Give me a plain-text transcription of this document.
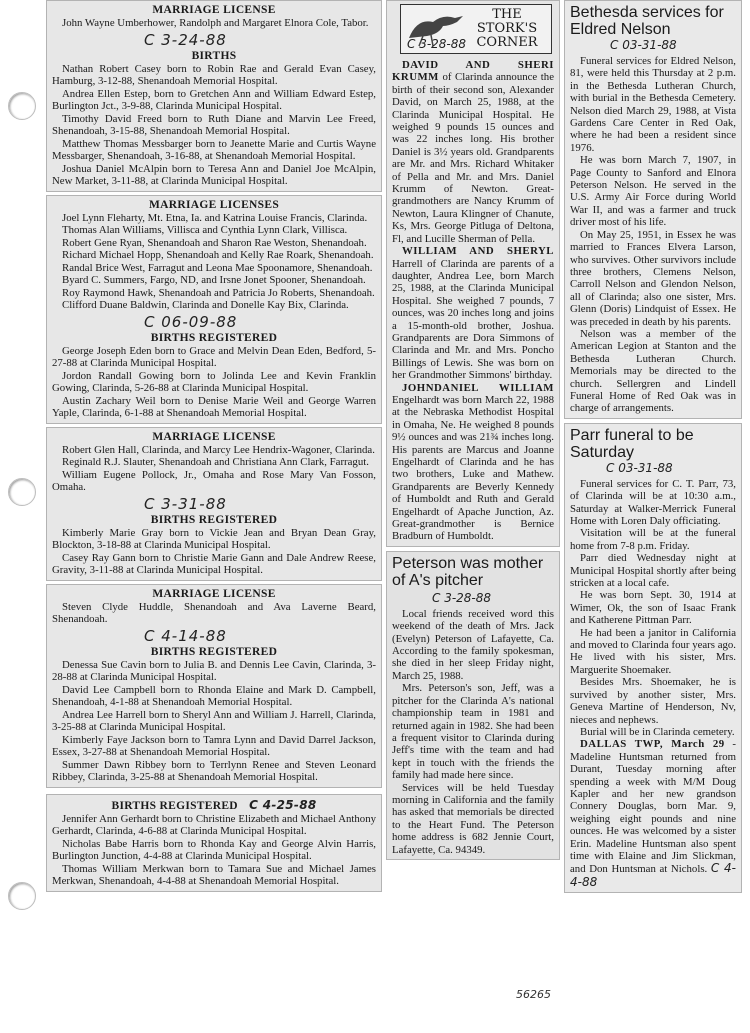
MARRIAGE LICENSE

John Wayne Umberhower, Randolph and Margaret Elnora Cole, Tabor.

C 3-24-88
BIRTHS

Nathan Robert Casey born to Robin Rae and Gerald Evan Casey, Hamburg, 3-12-88, Shenandoah Memorial Hospital.

Andrea Ellen Estep, born to Gretchen Ann and William Edward Estep, Burlington Jct., 3-9-88, Clarinda Municipal Hospital.

Timothy David Freed born to Ruth Diane and Marvin Lee Freed, Shenandoah, 3-15-88, Shenandoah Memorial Hospital.

Matthew Thomas Messbarger born to Jeanette Marie and Curtis Wayne Messbarger, Shenandoah, 3-16-88, at Shenandoah Memorial Hospital.

Joshua Daniel McAlpin born to Teresa Ann and Daniel Joe McAlpin, New Market, 3-11-88, at Clarinda Municipal Hospital.

MARRIAGE LICENSES

Joel Lynn Fleharty, Mt. Etna, Ia. and Katrina Louise Francis, Clarinda.

Thomas Alan Williams, Villisca and Cynthia Lynn Clark, Villisca.

Robert Gene Ryan, Shenandoah and Sharon Rae Weston, Shenandoah.

Richard Michael Hopp, Shenandoah and Kelly Rae Roark, Shenandoah.

Randal Brice West, Farragut and Leona Mae Spoonamore, Shenandoah.

Byard C. Summers, Fargo, ND, and Irsne Jonet Spooner, Shenandoah.

Roy Raymond Hawk, Shenandoah and Patricia Jo Roberts, Shenandoah.

Clifford Duane Baldwin, Clarinda and Donelle Kay Bix, Clarinda.

C 06-09-88
BIRTHS REGISTERED

George Joseph Eden born to Grace and Melvin Dean Eden, Bedford, 5-27-88 at Clarinda Municipal Hospital.

Jordon Randall Gowing born to Jolinda Lee and Kevin Franklin Gowing, Clarinda, 5-26-88 at Clarinda Municipal Hospital.

Austin Zachary Weil born to Denise Marie Weil and George Warren Yaple, Clarinda, 6-1-88 at Shenandoah Memorial Hospital.

MARRIAGE LICENSE

Robert Glen Hall, Clarinda, and Marcy Lee Hendrix-Wagoner, Clarinda.

Reginald R.J. Slauter, Shenandoah and Christiana Ann Clark, Farragut.

William Eugene Pollock, Jr., Omaha and Rose Mary Van Fosson, Omaha.

C 3-31-88
BIRTHS REGISTERED

Kimberly Marie Gray born to Vickie Jean and Bryan Dean Gray, Blockton, 3-18-88 at Clarinda Municipal Hospital.

Casey Ray Gann born to Christie Marie Gann and Dale Andrew Reese, Gravity, 3-11-88 at Clarinda Municipal Hospital.

MARRIAGE LICENSE

Steven Clyde Huddle, Shenandoah and Ava Laverne Beard, Shenandoah.

C 4-14-88
BIRTHS REGISTERED

Denessa Sue Cavin born to Julia B. and Dennis Lee Cavin, Clarinda, 3-28-88 at Clarinda Municipal Hospital.

David Lee Campbell born to Rhonda Elaine and Mark D. Campbell, Shenandoah, 4-1-88 at Shenandoah Memorial Hospital.

Andrea Lee Harrell born to Sheryl Ann and William J. Harrell, Clarinda, 3-25-88 at Clarinda Municipal Hospital.

Kimberly Faye Jackson born to Tamra Lynn and David Darrel Jackson, Essex, 3-27-88 at Shenandoah Memorial Hospital.

Summer Dawn Ribbey born to Terrlynn Renee and Steven Leonard Ribbey, Clarinda, 3-25-88 at Shenandoah Memorial Hospital.

BIRTHS REGISTERED C 4-25-88

Jennifer Ann Gerhardt born to Christine Elizabeth and Michael Anthony Gerhardt, Clarinda, 4-6-88 at Clarinda Municipal Hospital.

Nicholas Babe Harris born to Rhonda Kay and George Alvin Harris, Burlington Junction, 4-4-88 at Clarinda Municipal Hospital.

Thomas William Merkwan born to Tamara Sue and Michael James Merkwan, Shenandoah, 4-4-88 at Shenandoah Memorial Hospital.

THE STORK'S CORNER
C 3-28-88

DAVID AND SHERI KRUMM of Clarinda announce the birth of their second son, Alexander David, on March 25, 1988, at the Clarinda Municipal Hospital. He weighed 9 pounds 15 ounces and was 22 inches long. His brother Daniel is 3½ years old. Grandparents are Mr. and Mrs. Richard Whitaker of Pella and Mr. and Mrs. Daniel Krumm of Newton. Great-grandmothers are Nancy Krumm of Newton, Laura Klingner of Chanute, Ks, Mrs. George Pitluga of Deltona, Fl, and Lucille Sherman of Pella.

WILLIAM AND SHERYL Harrell of Clarinda are parents of a daughter, Andrea Lee, born March 25, 1988, at the Clarinda Municipal Hospital. She weighed 7 pounds, 7 ounces, was 20 inches long and joins a 15-month-old brother, Joshua. Grandparents are Dora Simmons of Clarinda and Mr. and Mrs. Poncho Billings of Lewis. She was born on her Grandmother Simmons' birthday.

JOHNDANIEL WILLIAM Engelhardt was born March 22, 1988 at the Nebraska Methodist Hospital in Omaha, Ne. He weighed 8 pounds 9½ ounces and was 21¾ inches long. His parents are Marcus and Joanne Engelhardt of Clarinda and he has two brothers, Luke and Mathew. Grandparents are Beverly Kennedy of Humboldt and Ruth and Gerald Engelhardt of Apache Junction, Az. Great-grandmother is Bernice Bradburn of Humboldt.

Peterson was mother of A's pitcher
C 3-28-88

Local friends received word this weekend of the death of Mrs. Jack (Evelyn) Peterson of Lafayette, Ca. According to the family spokesman, she died in her sleep Friday night, March 25, 1988.

Mrs. Peterson's son, Jeff, was a pitcher for the Clarinda A's national championship team in 1981 and returned again in 1982. She had been a frequent visitor to Clarinda during Jeff's time with the team and had kept in touch with the friends the family had made here since.

Services will be held Tuesday morning in California and the family has asked that memorials be directed to the Heart Fund. The Peterson home address is 682 Jennie Court, Lafayette, Ca. 94349.

Bethesda services for Eldred Nelson
C 03-31-88

Funeral services for Eldred Nelson, 81, were held this Thursday at 2 p.m. in the Bethesda Lutheran Church, with burial in the Bethesda Cemetery. Nelson died March 29, 1988, at Vista Gardens Care Center in Red Oak, where he had been a resident since 1976.

He was born March 7, 1907, in Page County to Sanford and Elnora Peterson Nelson. He served in the U.S. Army Air Force during World War II, and was a farmer and truck driver most of his life.

On May 25, 1951, in Essex he was married to Frances Elvera Larson, who survives. Other survivors include three brothers, Clemens Nelson, Carroll Nelson and Glendon Nelson, all of Clarinda; also one sister, Mrs. Glenn (Doris) Lindquist of Essex. He was preceded in death by his parents.

Nelson was a member of the American Legion at Stanton and the Bethesda Lutheran Church. Memorials may be directed to the church. Sellergren and Lindell Funeral Home of Red Oak was in charge of arrangements.

Parr funeral to be Saturday
C 03-31-88

Funeral services for C. T. Parr, 73, of Clarinda will be at 10:30 a.m., Saturday at Walker-Merrick Funeral Home with Loren Daly officiating.

Visitation will be at the funeral home from 7-8 p.m. Friday.

Parr died Wednesday night at Municipal Hospital shortly after being stricken at a local cafe.

He was born Sept. 30, 1914 at Wimer, Ok, the son of Isaac Frank and Katherene Pittman Parr.

He had been a janitor in California and moved to Clarinda four years ago. He lived with his sister, Mrs. Marguerite Shoemaker.

Besides Mrs. Shoemaker, he is survived by another sister, Mrs. Geneva Martine of Henderson, Nv, nieces and nephews.

Burial will be in Clarinda cemetery.

DALLAS TWP, March 29 -Madeline Huntsman returned from Durant, Tuesday morning after spending a week with M/M Doug Kapler and her new grandson Connery Douglas, born Mar. 9, weighing eight pounds and nine ounces. He was welcomed by a sister Erin. Madeline Huntsman also spent time with Elaine and Jim Slickman, and Don Huntsman at Nichols. C 4-4-88

56265
